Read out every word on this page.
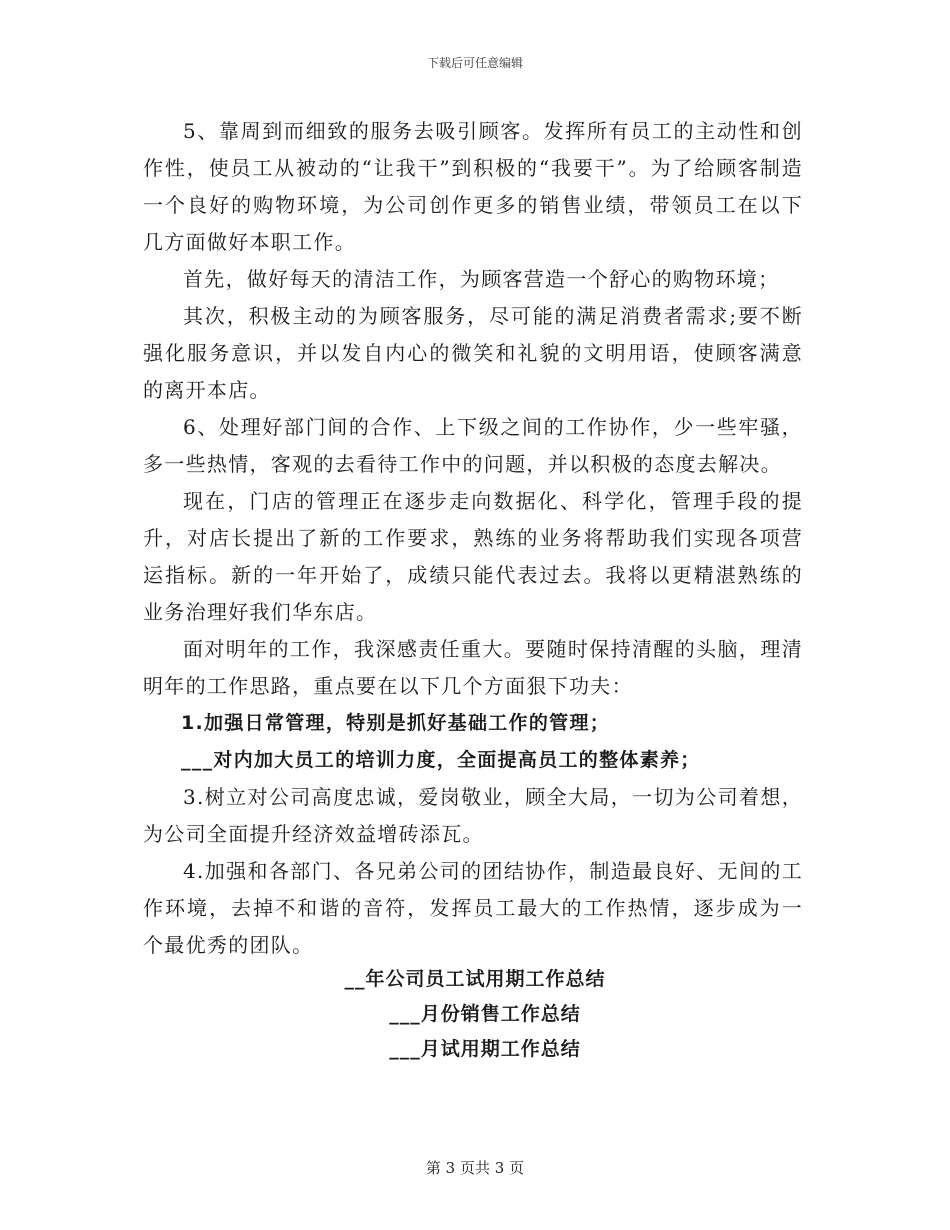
下载后可任意编辑

5、靠周到而细致的服务去吸引顾客。发挥所有员工的主动性和创作性，使员工从被动的“让我干”到积极的“我要干”。为了给顾客制造一个良好的购物环境，为公司创作更多的销售业绩，带领员工在以下几方面做好本职工作。

首先，做好每天的清洁工作，为顾客营造一个舒心的购物环境；

其次，积极主动的为顾客服务，尽可能的满足消费者需求;要不断强化服务意识，并以发自内心的微笑和礼貌的文明用语，使顾客满意的离开本店。

6、处理好部门间的合作、上下级之间的工作协作，少一些牢骚，多一些热情，客观的去看待工作中的问题，并以积极的态度去解决。

现在，门店的管理正在逐步走向数据化、科学化，管理手段的提升，对店长提出了新的工作要求，熟练的业务将帮助我们实现各项营运指标。新的一年开始了，成绩只能代表过去。我将以更精湛熟练的业务治理好我们华东店。

面对明年的工作，我深感责任重大。要随时保持清醒的头脑，理清明年的工作思路，重点要在以下几个方面狠下功夫：

1.加强日常管理，特别是抓好基础工作的管理；

___对内加大员工的培训力度，全面提高员工的整体素养；

3.树立对公司高度忠诚，爱岗敬业，顾全大局，一切为公司着想，为公司全面提升经济效益增砖添瓦。

4.加强和各部门、各兄弟公司的团结协作，制造最良好、无间的工作环境，去掉不和谐的音符，发挥员工最大的工作热情，逐步成为一个最优秀的团队。

__年公司员工试用期工作总结
___月份销售工作总结
___月试用期工作总结
第 3 页共 3 页
